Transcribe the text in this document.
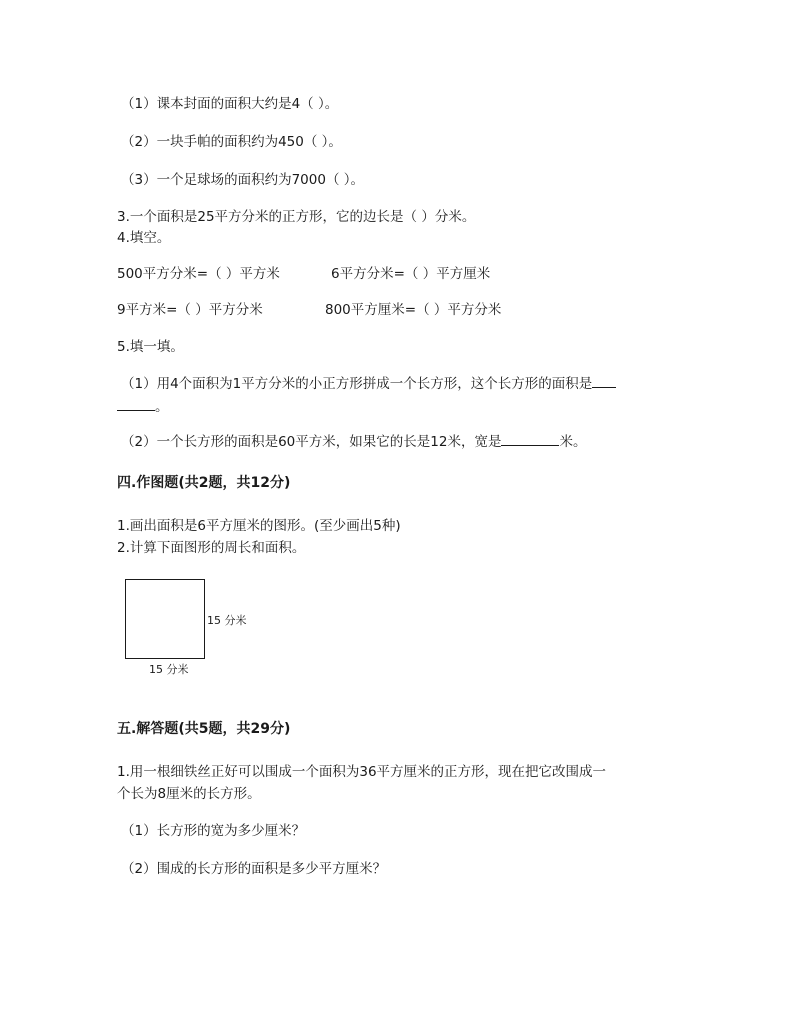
（1）课本封面的面积大约是4（ ）。
（2）一块手帕的面积约为450（ ）。
（3）一个足球场的面积约为7000（ ）。
3.一个面积是25平方分米的正方形，它的边长是（ ）分米。
4.填空。
500平方分米=（ ）平方米	6平方分米=（ ）平方厘米
9平方米=（ ）平方分米	800平方厘米=（ ）平方分米
5.填一填。
（1）用4个面积为1平方分米的小正方形拼成一个长方形，这个长方形的面积是
。
（2）一个长方形的面积是60平方米，如果它的长是12米，宽是	米。
四.作图题(共2题，共12分)
1.画出面积是6平方厘米的图形。(至少画出5种)
2.计算下面图形的周长和面积。
15 分米
15 分米
五.解答题(共5题，共29分)
1.用一根细铁丝正好可以围成一个面积为36平方厘米的正方形，现在把它改围成一
个长为8厘米的长方形。
（1）长方形的宽为多少厘米？
（2）围成的长方形的面积是多少平方厘米？
